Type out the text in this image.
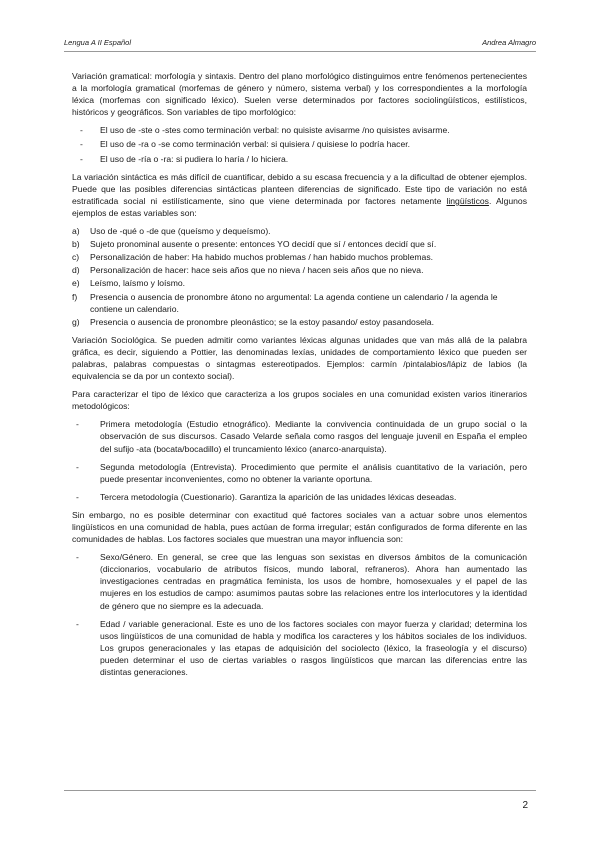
Lengua A II Español	Andrea Almagro

Variación gramatical: morfología y sintaxis. Dentro del plano morfológico distinguimos entre fenómenos pertenecientes a la morfología gramatical (morfemas de género y número, sistema verbal) y los correspondientes a la morfología léxica (morfemas con significado léxico). Suelen verse determinados por factores sociolingüísticos, estilísticos, históricos y geográficos. Son variables de tipo morfológico:

-	El uso de -ste o -stes como terminación verbal: no quisiste avisarme /no quisistes avisarme.
-	El uso de -ra o -se como terminación verbal: si quisiera / quisiese lo podría hacer.
-	El uso de -ría o -ra: si pudiera lo haría / lo hiciera.

La variación sintáctica es más difícil de cuantificar, debido a su escasa frecuencia y a la dificultad de obtener ejemplos. Puede que las posibles diferencias sintácticas planteen diferencias de significado. Este tipo de variación no está estratificada social ni estilísticamente, sino que viene determinada por factores netamente lingüísticos. Algunos ejemplos de estas variables son:

a)	Uso de -qué o -de que (queísmo y dequeísmo).
b)	Sujeto pronominal ausente o presente: entonces YO decidí que sí / entonces decidí que sí.
c)	Personalización de haber: Ha habido muchos problemas / han habido muchos problemas.
d)	Personalización de hacer: hace seis años que no nieva / hacen seis años que no nieva.
e)	Leísmo, laísmo y loísmo.
f)	Presencia o ausencia de pronombre átono no argumental: La agenda contiene un calendario / la agenda le contiene un calendario.
g)	Presencia o ausencia de pronombre pleonástico; se la estoy pasando/ estoy pasandosela.

Variación Sociológica. Se pueden admitir como variantes léxicas algunas unidades que van más allá de la palabra gráfica, es decir, siguiendo a Pottier, las denominadas lexías, unidades de comportamiento léxico que pueden ser palabras, palabras compuestas o sintagmas estereotipados. Ejemplos: carmín /pintalabios/lápiz de labios (la equivalencia se da por un contexto social).

Para caracterizar el tipo de léxico que caracteriza a los grupos sociales en una comunidad existen varios itinerarios metodológicos:

-	Primera metodología (Estudio etnográfico). Mediante la convivencia continuidada de un grupo social o la observación de sus discursos. Casado Velarde señala como rasgos del lenguaje juvenil en España el empleo del sufijo -ata (bocata/bocadillo) el truncamiento léxico (anarco-anarquista).
-	Segunda metodología (Entrevista). Procedimiento que permite el análisis cuantitativo de la variación, pero puede presentar inconvenientes, como no obtener la variante oportuna.
-	Tercera metodología (Cuestionario). Garantiza la aparición de las unidades léxicas deseadas.

Sin embargo, no es posible determinar con exactitud qué factores sociales van a actuar sobre unos elementos lingüísticos en una comunidad de habla, pues actúan de forma irregular; están configurados de forma diferente en las comunidades de hablas. Los factores sociales que muestran una mayor influencia son:

-	Sexo/Género. En general, se cree que las lenguas son sexistas en diversos ámbitos de la comunicación (diccionarios, vocabulario de atributos físicos, mundo laboral, refraneros). Ahora han aumentado las investigaciones centradas en pragmática feminista, los usos de hombre, homosexuales y el papel de las mujeres en los estudios de campo: asumimos pautas sobre las relaciones entre los interlocutores y la identidad de género que no siempre es la adecuada.
-	Edad / variable generacional. Este es uno de los factores sociales con mayor fuerza y claridad; determina los usos lingüísticos de una comunidad de habla y modifica los caracteres y los hábitos sociales de los individuos. Los grupos generacionales y las etapas de adquisición del sociolecto (léxico, la fraseología y el discurso) pueden determinar el uso de ciertas variables o rasgos lingüísticos que marcan las diferencias entre las distintas generaciones.
2
